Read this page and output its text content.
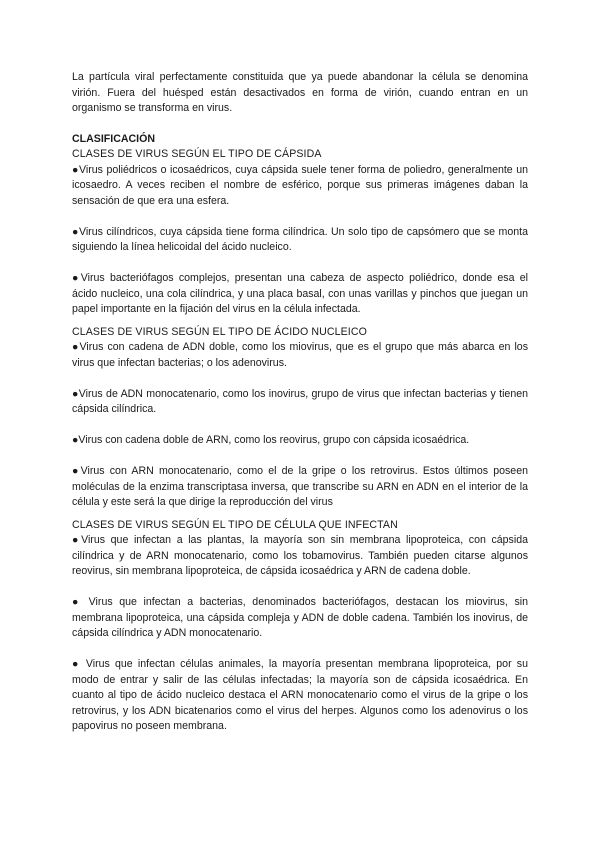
La partícula viral perfectamente constituida que ya puede abandonar la célula se denomina virión. Fuera del huésped están desactivados en forma de virión, cuando entran en un organismo se transforma en virus.

CLASIFICACIÓN

CLASES DE VIRUS SEGÚN EL TIPO DE CÁPSIDA

●Virus poliédricos o icosaédricos, cuya cápsida suele tener forma de poliedro, generalmente un icosaedro. A veces reciben el nombre de esférico, porque sus primeras imágenes daban la sensación de que era una esfera.

●Virus cilíndricos, cuya cápsida tiene forma cilíndrica. Un solo tipo de capsómero que se monta siguiendo la línea helicoidal del ácido nucleico.

●Virus bacteriófagos complejos, presentan una cabeza de aspecto poliédrico, donde esa el ácido nucleico, una cola cilíndrica, y una placa basal, con unas varillas y pinchos que juegan un papel importante en la fijación del virus en la célula infectada.

CLASES DE VIRUS SEGÚN EL TIPO DE ÁCIDO NUCLEICO

●Virus con cadena de ADN doble, como los miovirus, que es el grupo que más abarca en los virus que infectan bacterias; o los adenovirus.

●Virus de ADN monocatenario, como los inovirus, grupo de virus que infectan bacterias y tienen cápsida cilíndrica.

●Virus con cadena doble de ARN, como los reovirus, grupo con cápsida icosaédrica.

●Virus con ARN monocatenario, como el de la gripe o los retrovirus. Estos últimos poseen moléculas de la enzima transcriptasa inversa, que transcribe su ARN en ADN en el interior de la célula y este será la que dirige la reproducción del virus

CLASES DE VIRUS SEGÚN EL TIPO DE CÉLULA QUE INFECTAN

●Virus que infectan a las plantas, la mayoría son sin membrana lipoproteica, con cápsida cilíndrica y de ARN monocatenario, como los tobamovirus. También pueden citarse algunos reovirus, sin membrana lipoproteica, de cápsida icosaédrica y ARN de cadena doble.

● Virus que infectan a bacterias, denominados bacteriófagos, destacan los miovirus, sin membrana lipoproteica, una cápsida compleja y ADN de doble cadena. También los inovirus, de cápsida cilíndrica y ADN monocatenario.

● Virus que infectan células animales, la mayoría presentan membrana lipoproteica, por su modo de entrar y salir de las células infectadas; la mayoría son de cápsida icosaédrica. En cuanto al tipo de ácido nucleico destaca el ARN monocatenario como el virus de la gripe o los retrovirus, y los ADN bicatenarios como el virus del herpes. Algunos como los adenovirus o los papovirus no poseen membrana.
